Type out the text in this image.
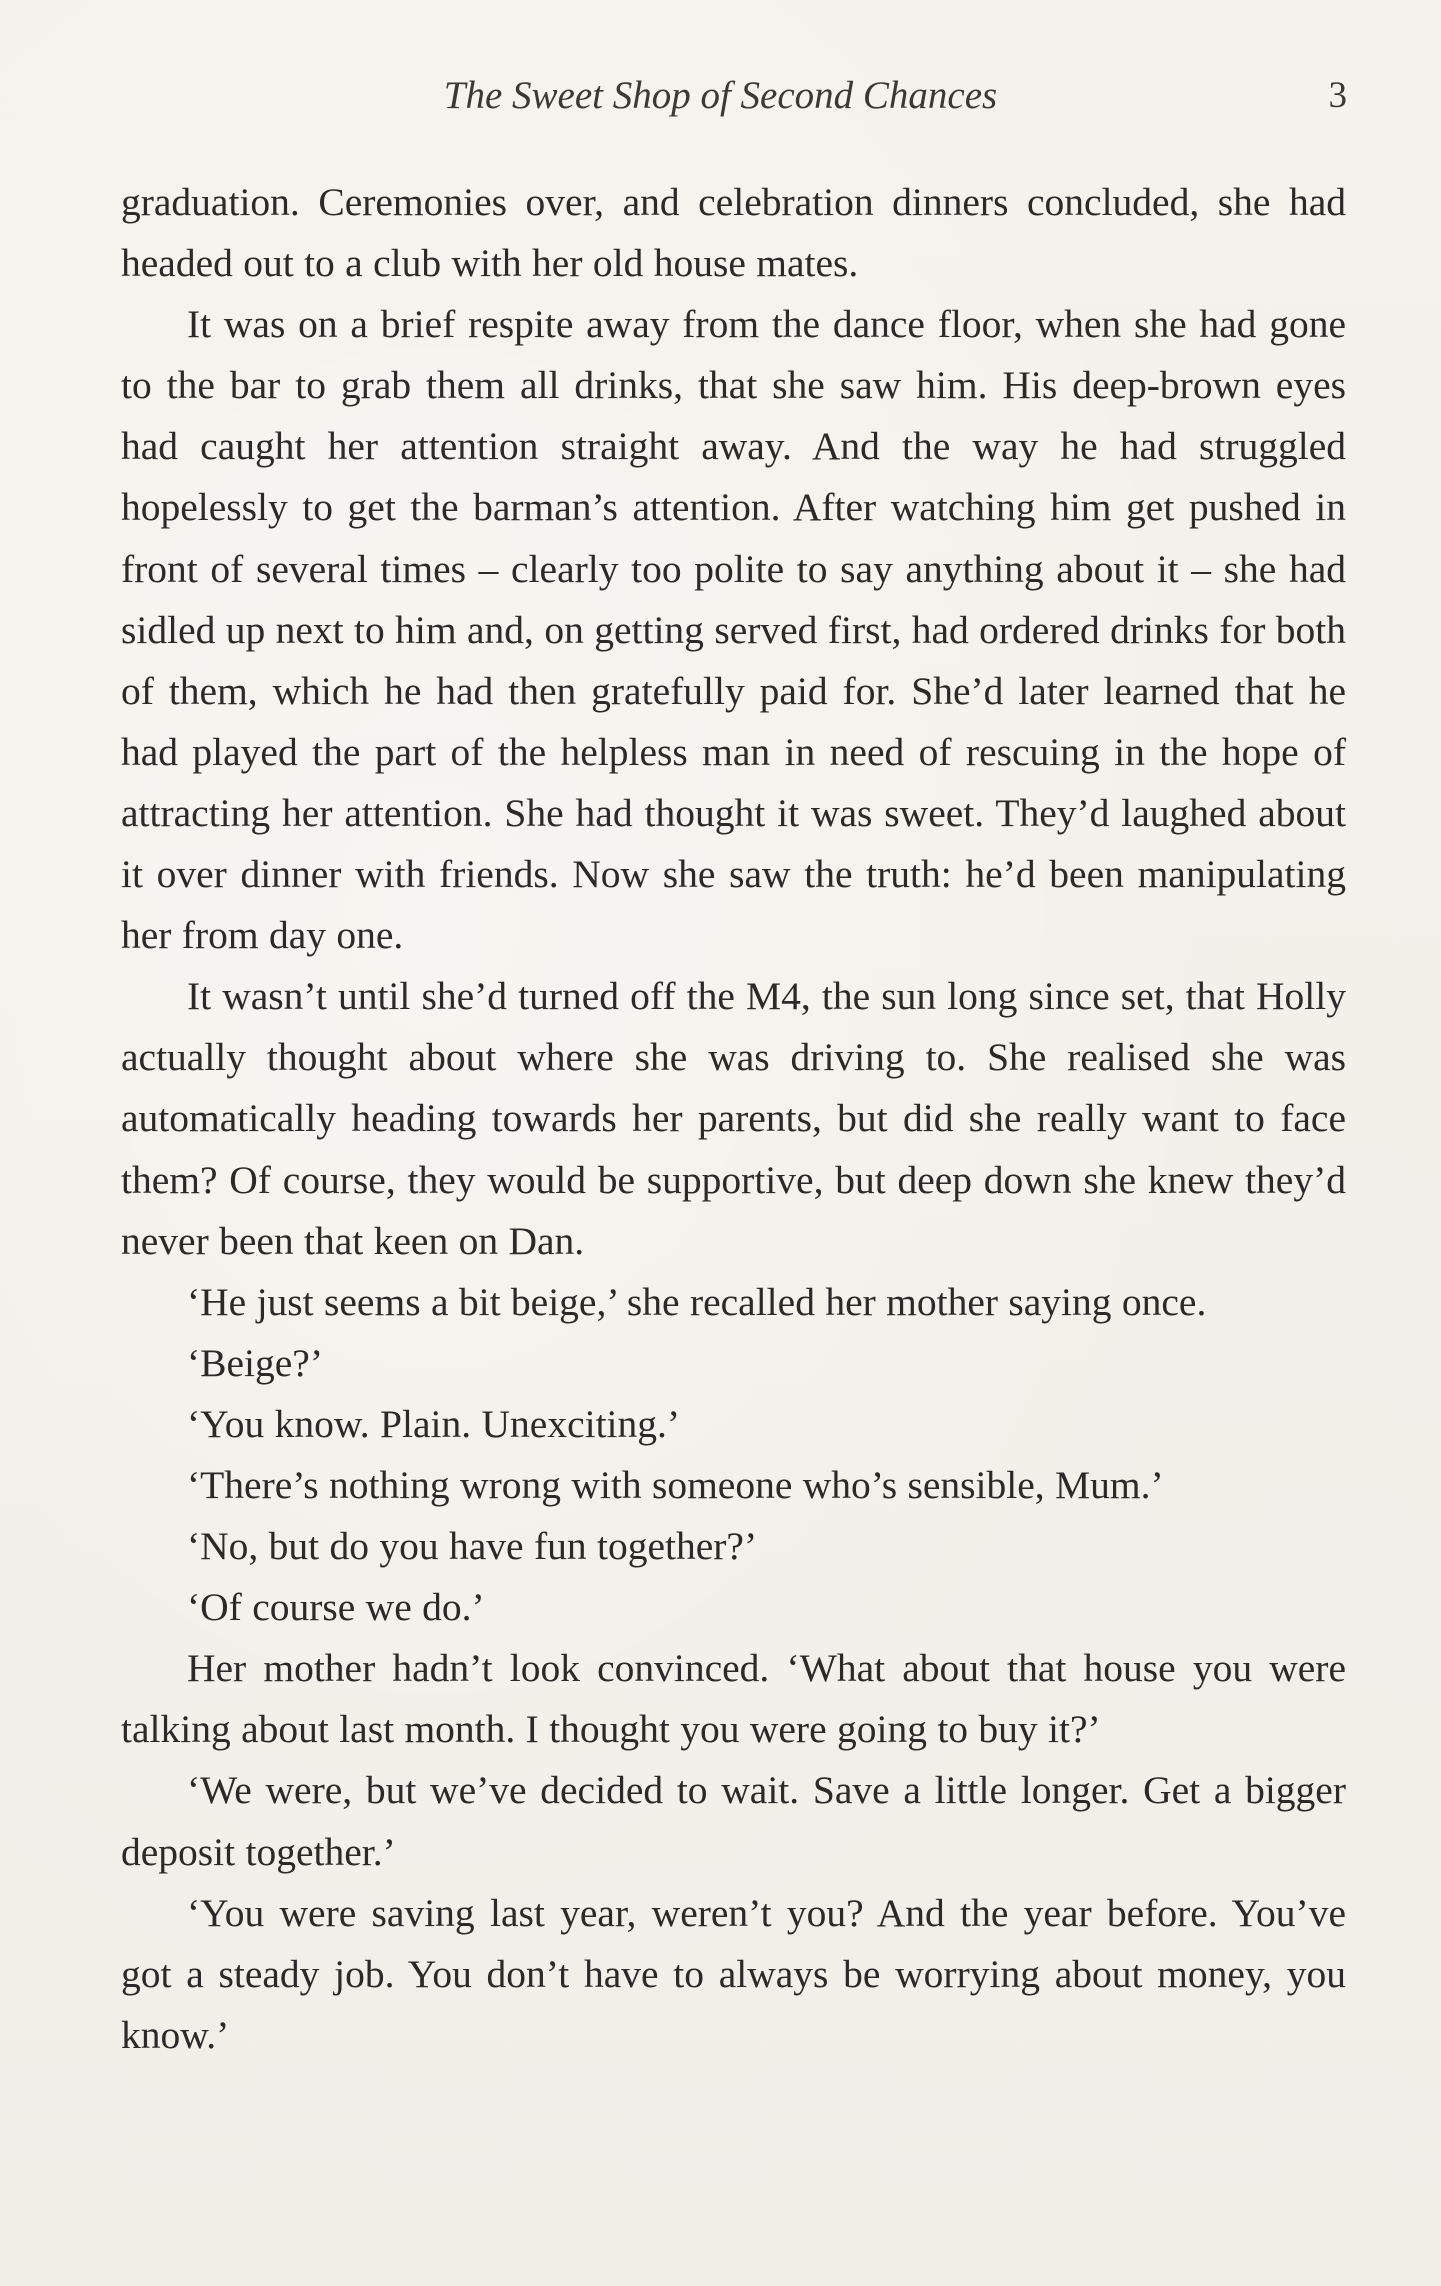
The Sweet Shop of Second Chances	3

graduation. Ceremonies over, and celebration dinners concluded, she had headed out to a club with her old house mates.

It was on a brief respite away from the dance floor, when she had gone to the bar to grab them all drinks, that she saw him. His deep-brown eyes had caught her attention straight away. And the way he had struggled hopelessly to get the barman’s attention. After watching him get pushed in front of several times – clearly too polite to say anything about it – she had sidled up next to him and, on getting served first, had ordered drinks for both of them, which he had then gratefully paid for. She’d later learned that he had played the part of the helpless man in need of rescuing in the hope of attracting her attention. She had thought it was sweet. They’d laughed about it over dinner with friends. Now she saw the truth: he’d been manipulating her from day one.

It wasn’t until she’d turned off the M4, the sun long since set, that Holly actually thought about where she was driving to. She realised she was automatically heading towards her parents, but did she really want to face them? Of course, they would be supportive, but deep down she knew they’d never been that keen on Dan.

‘He just seems a bit beige,’ she recalled her mother saying once.

‘Beige?’

‘You know. Plain. Unexciting.’

‘There’s nothing wrong with someone who’s sensible, Mum.’

‘No, but do you have fun together?’

‘Of course we do.’

Her mother hadn’t look convinced. ‘What about that house you were talking about last month. I thought you were going to buy it?’

‘We were, but we’ve decided to wait. Save a little longer. Get a bigger deposit together.’

‘You were saving last year, weren’t you? And the year before. You’ve got a steady job. You don’t have to always be worrying about money, you know.’
